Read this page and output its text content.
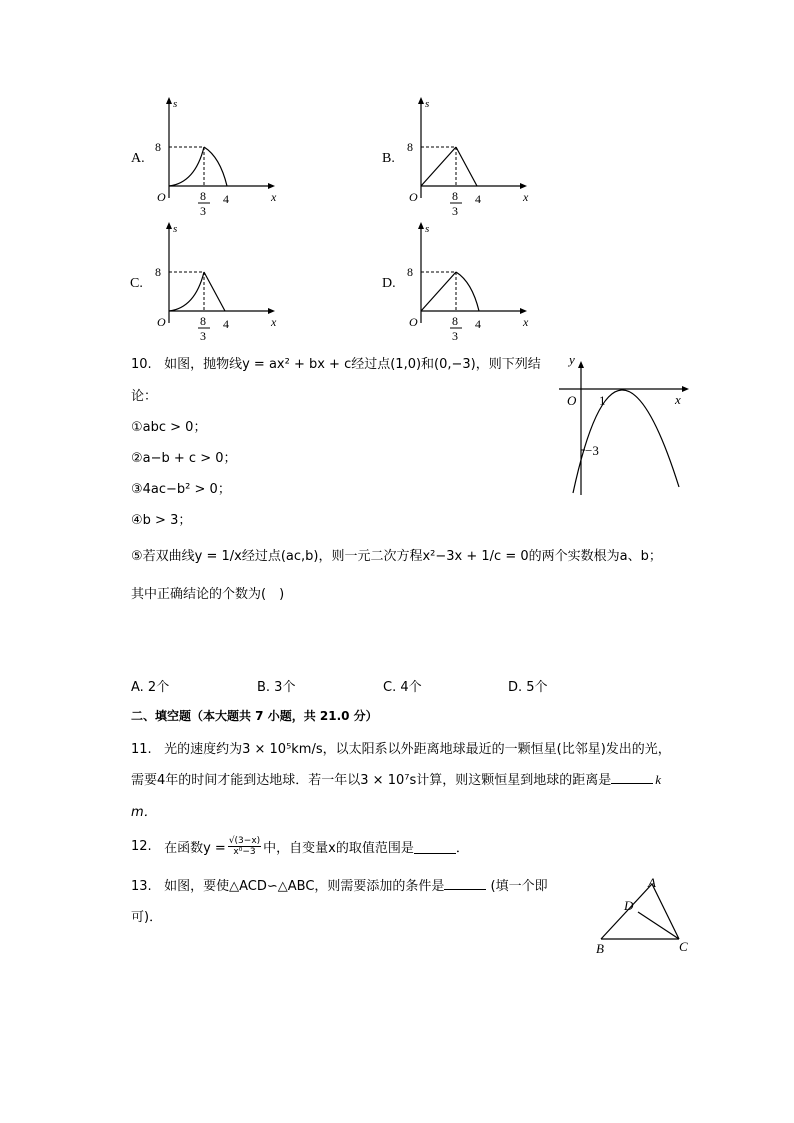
A.
s
8
O	8
3
4	x
B.
s
8
O	8
3
4	x
C.
s
8
O	8
3
4	x
D.
s
8
O	8
3
4	x
10. 如图，抛物线y = ax² + bx + c经过点(1,0)和(0,−3)，则下列结
论：
①abc > 0；
②a−b + c > 0；
③4ac−b² > 0；
④b > 3；
⑤若双曲线y = 1/x经过点(ac,b)，则一元二次方程x²−3x + 1/c = 0的两个实数根为a、b；
其中正确结论的个数为(　)
y
x
O 1
−3
A. 2个	B. 3个	C. 4个	D. 5个
二、填空题（本大题共 7 小题，共 21.0 分）
11. 光的速度约为3 × 10⁵km/s，以太阳系以外距离地球最近的一颗恒星(比邻星)发出的光，
需要4年的时间才能到达地球．若一年以3 × 10⁷s计算，则这颗恒星到地球的距离是	k
m．
12.
在函数$y = \frac{√(3-x)}{\text{x⁰−3}}$ 中，自变量x的取值范围是	．
13. 如图，要使△ACD∽△ABC，则需要添加的条件是	(填一个即
可)．
A
D
B	C
